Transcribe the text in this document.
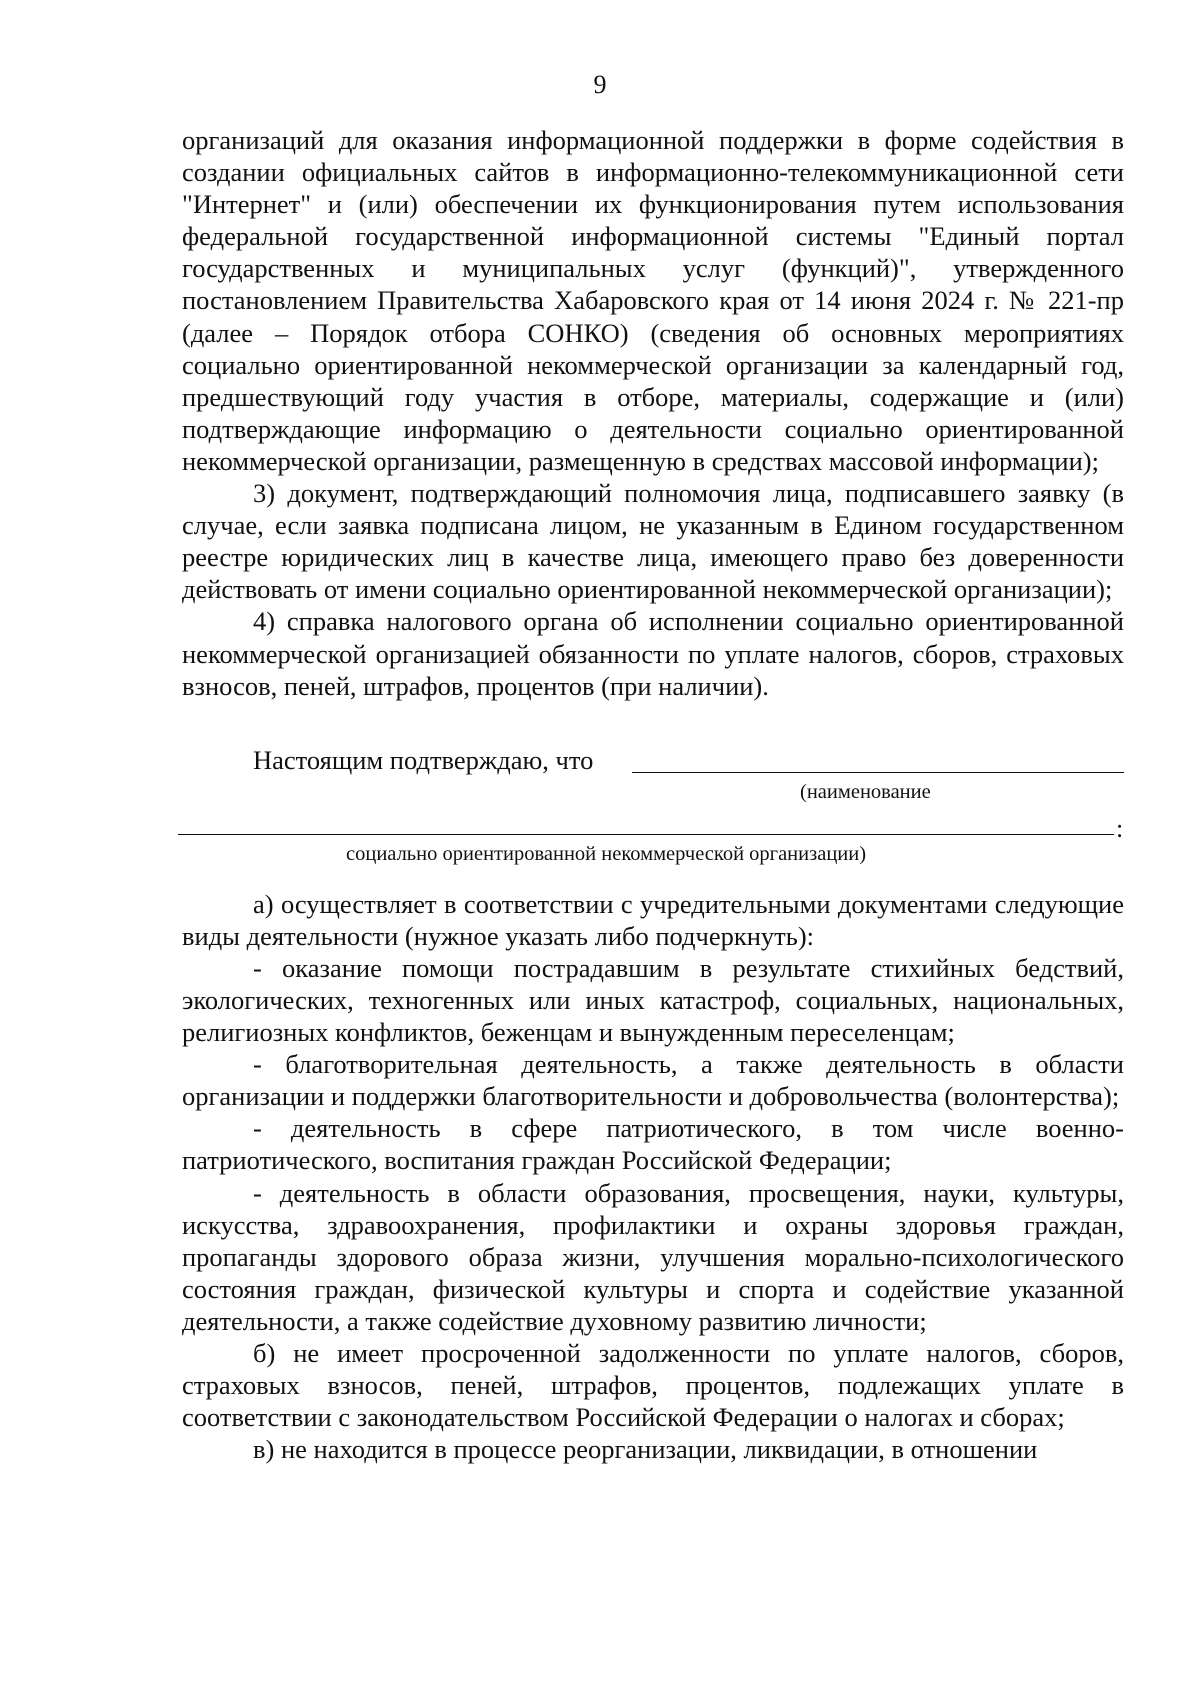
9

организаций для оказания информационной поддержки в форме содействия в создании официальных сайтов в информационно-телекоммуникационной сети "Интернет" и (или) обеспечении их функционирования путем использования федеральной государственной информационной системы "Единый портал государственных и муниципальных услуг (функций)", утвержденного постановлением Правительства Хабаровского края от 14 июня 2024 г. № 221-пр (далее – Порядок отбора СОНКО) (сведения об основных мероприятиях социально ориентированной некоммерческой организации за календарный год, предшествующий году участия в отборе, материалы, содержащие и (или) подтверждающие информацию о деятельности социально ориентированной некоммерческой организации, размещенную в средствах массовой информации);

3) документ, подтверждающий полномочия лица, подписавшего заявку (в случае, если заявка подписана лицом, не указанным в Едином государственном реестре юридических лиц в качестве лица, имеющего право без доверенности действовать от имени социально ориентированной некоммерческой организации);

4) справка налогового органа об исполнении социально ориентированной некоммерческой организацией обязанности по уплате налогов, сборов, страховых взносов, пеней, штрафов, процентов (при наличии).

Настоящим подтверждаю, что
(наименование
:
социально ориентированной некоммерческой организации)

а) осуществляет в соответствии с учредительными документами следующие виды деятельности (нужное указать либо подчеркнуть):

- оказание помощи пострадавшим в результате стихийных бедствий, экологических, техногенных или иных катастроф, социальных, национальных, религиозных конфликтов, беженцам и вынужденным переселенцам;

- благотворительная деятельность, а также деятельность в области организации и поддержки благотворительности и добровольчества (волонтерства);

- деятельность в сфере патриотического, в том числе военно-патриотического, воспитания граждан Российской Федерации;

- деятельность в области образования, просвещения, науки, культуры, искусства, здравоохранения, профилактики и охраны здоровья граждан, пропаганды здорового образа жизни, улучшения морально-психологического состояния граждан, физической культуры и спорта и содействие указанной деятельности, а также содействие духовному развитию личности;

б) не имеет просроченной задолженности по уплате налогов, сборов, страховых взносов, пеней, штрафов, процентов, подлежащих уплате в соответствии с законодательством Российской Федерации о налогах и сборах;

в) не находится в процессе реорганизации, ликвидации, в отношении
